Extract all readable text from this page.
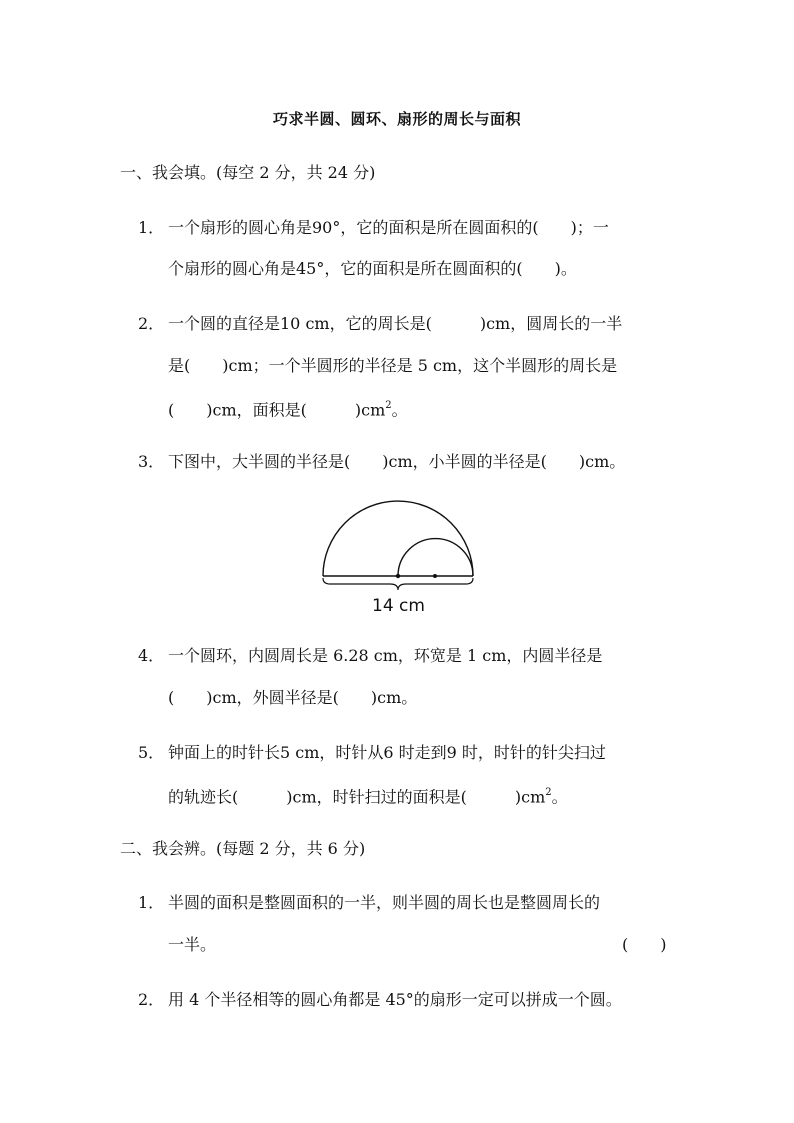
巧求半圆、圆环、扇形的周长与面积
一、我会填。(每空 2 分，共 24 分)
1． 一个扇形的圆心角是90°，它的面积是所在圆面积的(　　)；一
个扇形的圆心角是45°，它的面积是所在圆面积的(　　)。
2． 一个圆的直径是10 cm，它的周长是(　　　)cm，圆周长的一半
是(　　)cm；一个半圆形的半径是 5 cm，这个半圆形的周长是
(　　)cm，面积是(　　　)$cm^2$。
3． 下图中，大半圆的半径是(　　)cm，小半圆的半径是(　　)cm。
14 cm
4． 一个圆环，内圆周长是 6.28 cm，环宽是 1 cm，内圆半径是
(　　)cm，外圆半径是(　　)cm。
5． 钟面上的时针长5 cm，时针从6 时走到9 时，时针的针尖扫过
的轨迹长(　　　)cm，时针扫过的面积是(　　　)$cm^2$。
二、我会辨。(每题 2 分，共 6 分)
1． 半圆的面积是整圆面积的一半，则半圆的周长也是整圆周长的
一半。	(　　)
2． 用 4 个半径相等的圆心角都是 45°的扇形一定可以拼成一个圆。
